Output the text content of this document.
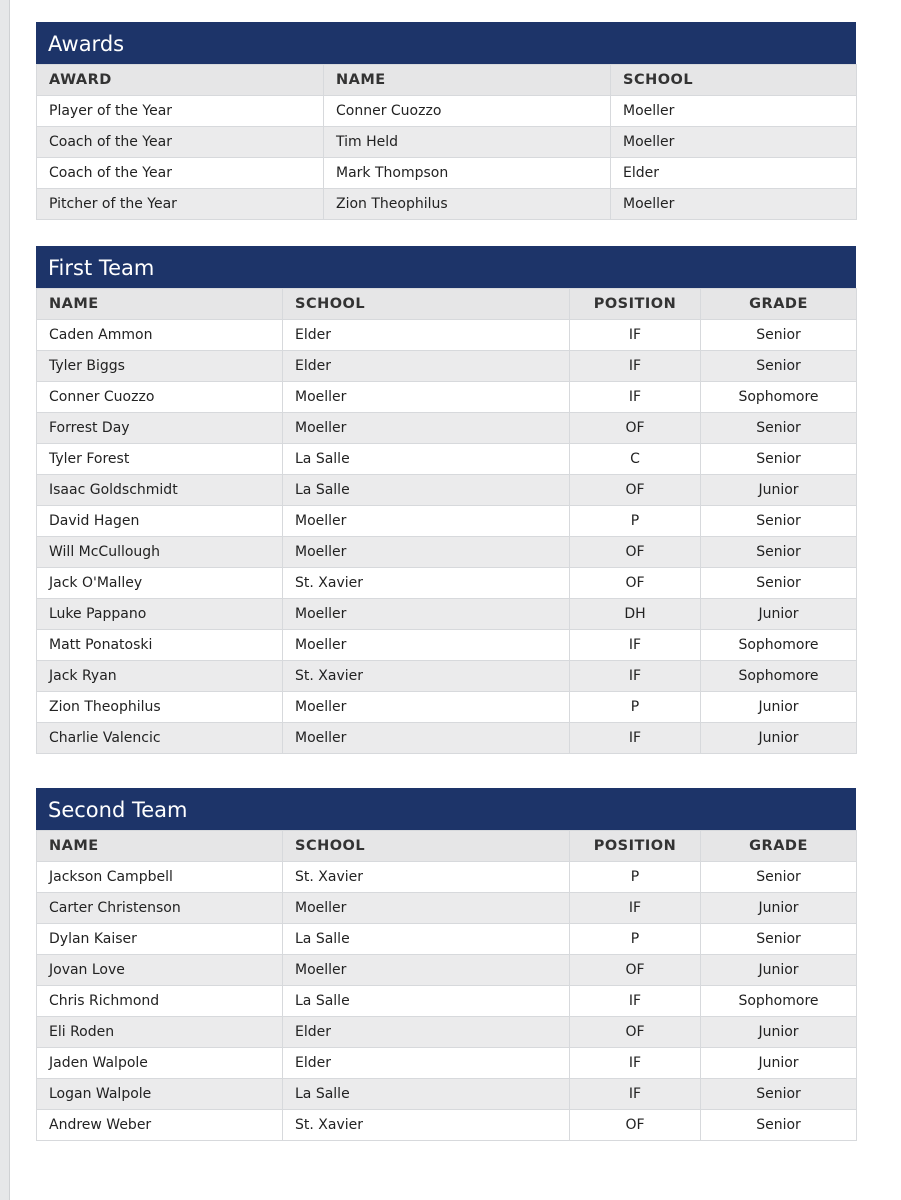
Awards
AWARD	NAME	SCHOOL
Player of the Year	Conner Cuozzo	Moeller
Coach of the Year	Tim Held	Moeller
Coach of the Year	Mark Thompson	Elder
Pitcher of the Year	Zion Theophilus	Moeller
First Team
NAME	SCHOOL	POSITION	GRADE
Caden Ammon	Elder	IF	Senior
Tyler Biggs	Elder	IF	Senior
Conner Cuozzo	Moeller	IF	Sophomore
Forrest Day	Moeller	OF	Senior
Tyler Forest	La Salle	C	Senior
Isaac Goldschmidt	La Salle	OF	Junior
David Hagen	Moeller	P	Senior
Will McCullough	Moeller	OF	Senior
Jack O'Malley	St. Xavier	OF	Senior
Luke Pappano	Moeller	DH	Junior
Matt Ponatoski	Moeller	IF	Sophomore
Jack Ryan	St. Xavier	IF	Sophomore
Zion Theophilus	Moeller	P	Junior
Charlie Valencic	Moeller	IF	Junior
Second Team
NAME	SCHOOL	POSITION	GRADE
Jackson Campbell	St. Xavier	P	Senior
Carter Christenson	Moeller	IF	Junior
Dylan Kaiser	La Salle	P	Senior
Jovan Love	Moeller	OF	Junior
Chris Richmond	La Salle	IF	Sophomore
Eli Roden	Elder	OF	Junior
Jaden Walpole	Elder	IF	Junior
Logan Walpole	La Salle	IF	Senior
Andrew Weber	St. Xavier	OF	Senior
